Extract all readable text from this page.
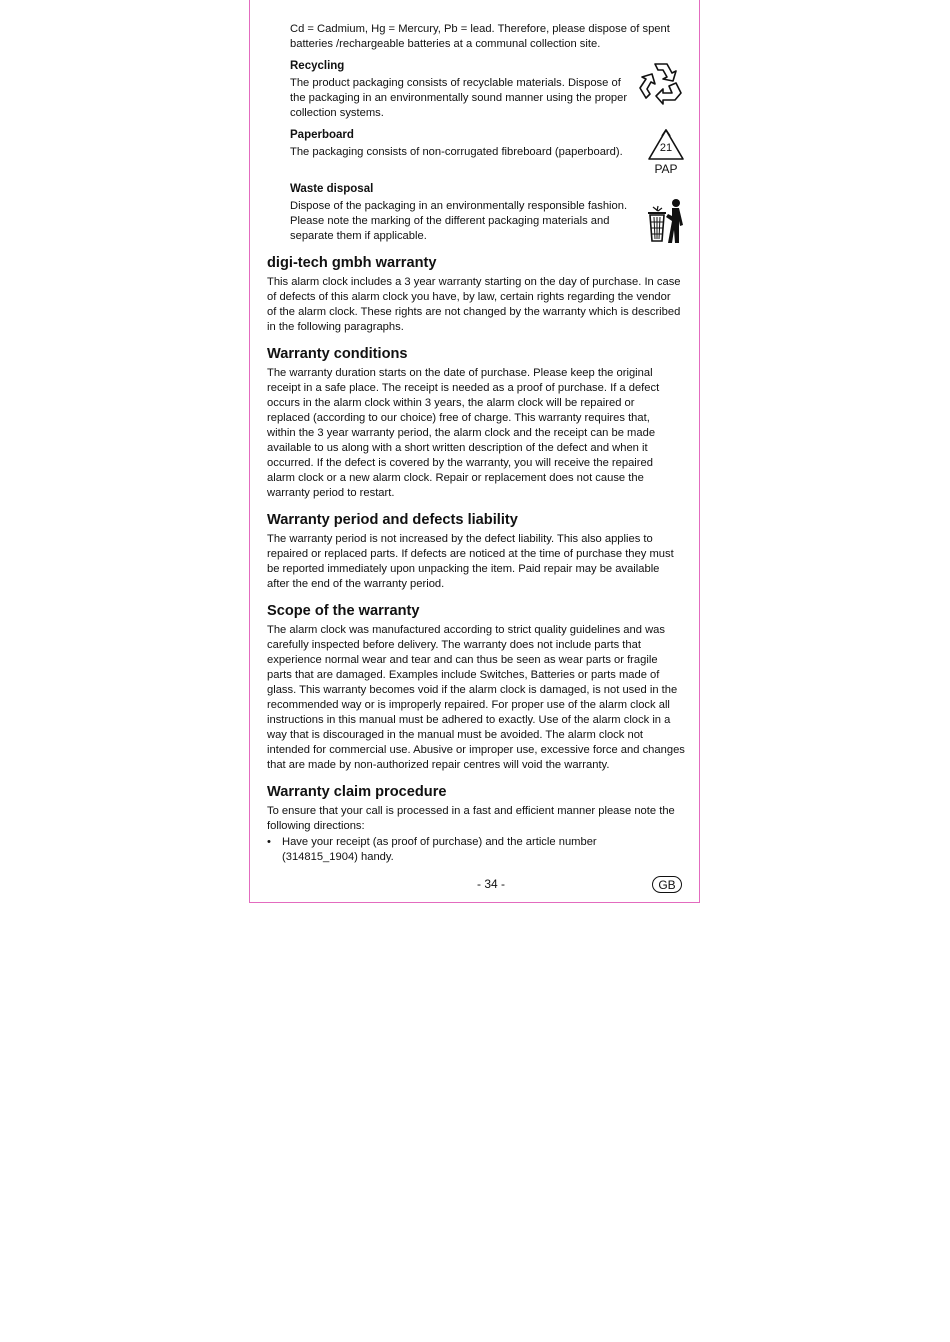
Cd = Cadmium, Hg = Mercury, Pb = lead. Therefore, please dispose of spent batteries /rechargeable batteries at a communal collection site.

Recycling

The product packaging consists of recyclable materials. Dispose of the packaging in an environmentally sound manner using the proper collection systems.

Paperboard

The packaging consists of non-corrugated fibreboard (paperboard).	21
PAP

Waste disposal

Dispose of the packaging in an environmentally responsible fashion. Please note the marking of the different packaging materials and separate them if applicable.

digi-tech gmbh warranty

This alarm clock includes a 3 year warranty starting on the day of purchase. In case of defects of this alarm clock you have, by law, certain rights regarding the vendor of the alarm clock. These rights are not changed by the warranty which is described in the following paragraphs.

Warranty conditions

The warranty duration starts on the date of purchase. Please keep the original receipt in a safe place. The receipt is needed as a proof of purchase. If a defect occurs in the alarm clock within 3 years, the alarm clock will be repaired or replaced (according to our choice) free of charge. This warranty requires that, within the 3 year warranty period, the alarm clock and the receipt can be made available to us along with a short written description of the defect and when it occurred. If the defect is covered by the warranty, you will receive the repaired alarm clock or a new alarm clock. Repair or replacement does not cause the warranty period to restart.

Warranty period and defects liability

The warranty period is not increased by the defect liability. This also applies to repaired or replaced parts. If defects are noticed at the time of purchase they must be reported immediately upon unpacking the item. Paid repair may be available after the end of the warranty period.

Scope of the warranty

The alarm clock was manufactured according to strict quality guidelines and was carefully inspected before delivery. The warranty does not include parts that experience normal wear and tear and can thus be seen as wear parts or fragile parts that are damaged. Examples include Switches, Batteries or parts made of glass. This warranty becomes void if the alarm clock is damaged, is not used in the recommended way or is improperly repaired. For proper use of the alarm clock all instructions in this manual must be adhered to exactly. Use of the alarm clock in a way that is discouraged in the manual must be avoided. The alarm clock not intended for commercial use. Abusive or improper use, excessive force and changes that are made by non-authorized repair centres will void the warranty.

Warranty claim procedure

To ensure that your call is processed in a fast and efficient manner please note the following directions:

• Have your receipt (as proof of purchase) and the article number (314815_1904) handy.

- 34 -	GB
